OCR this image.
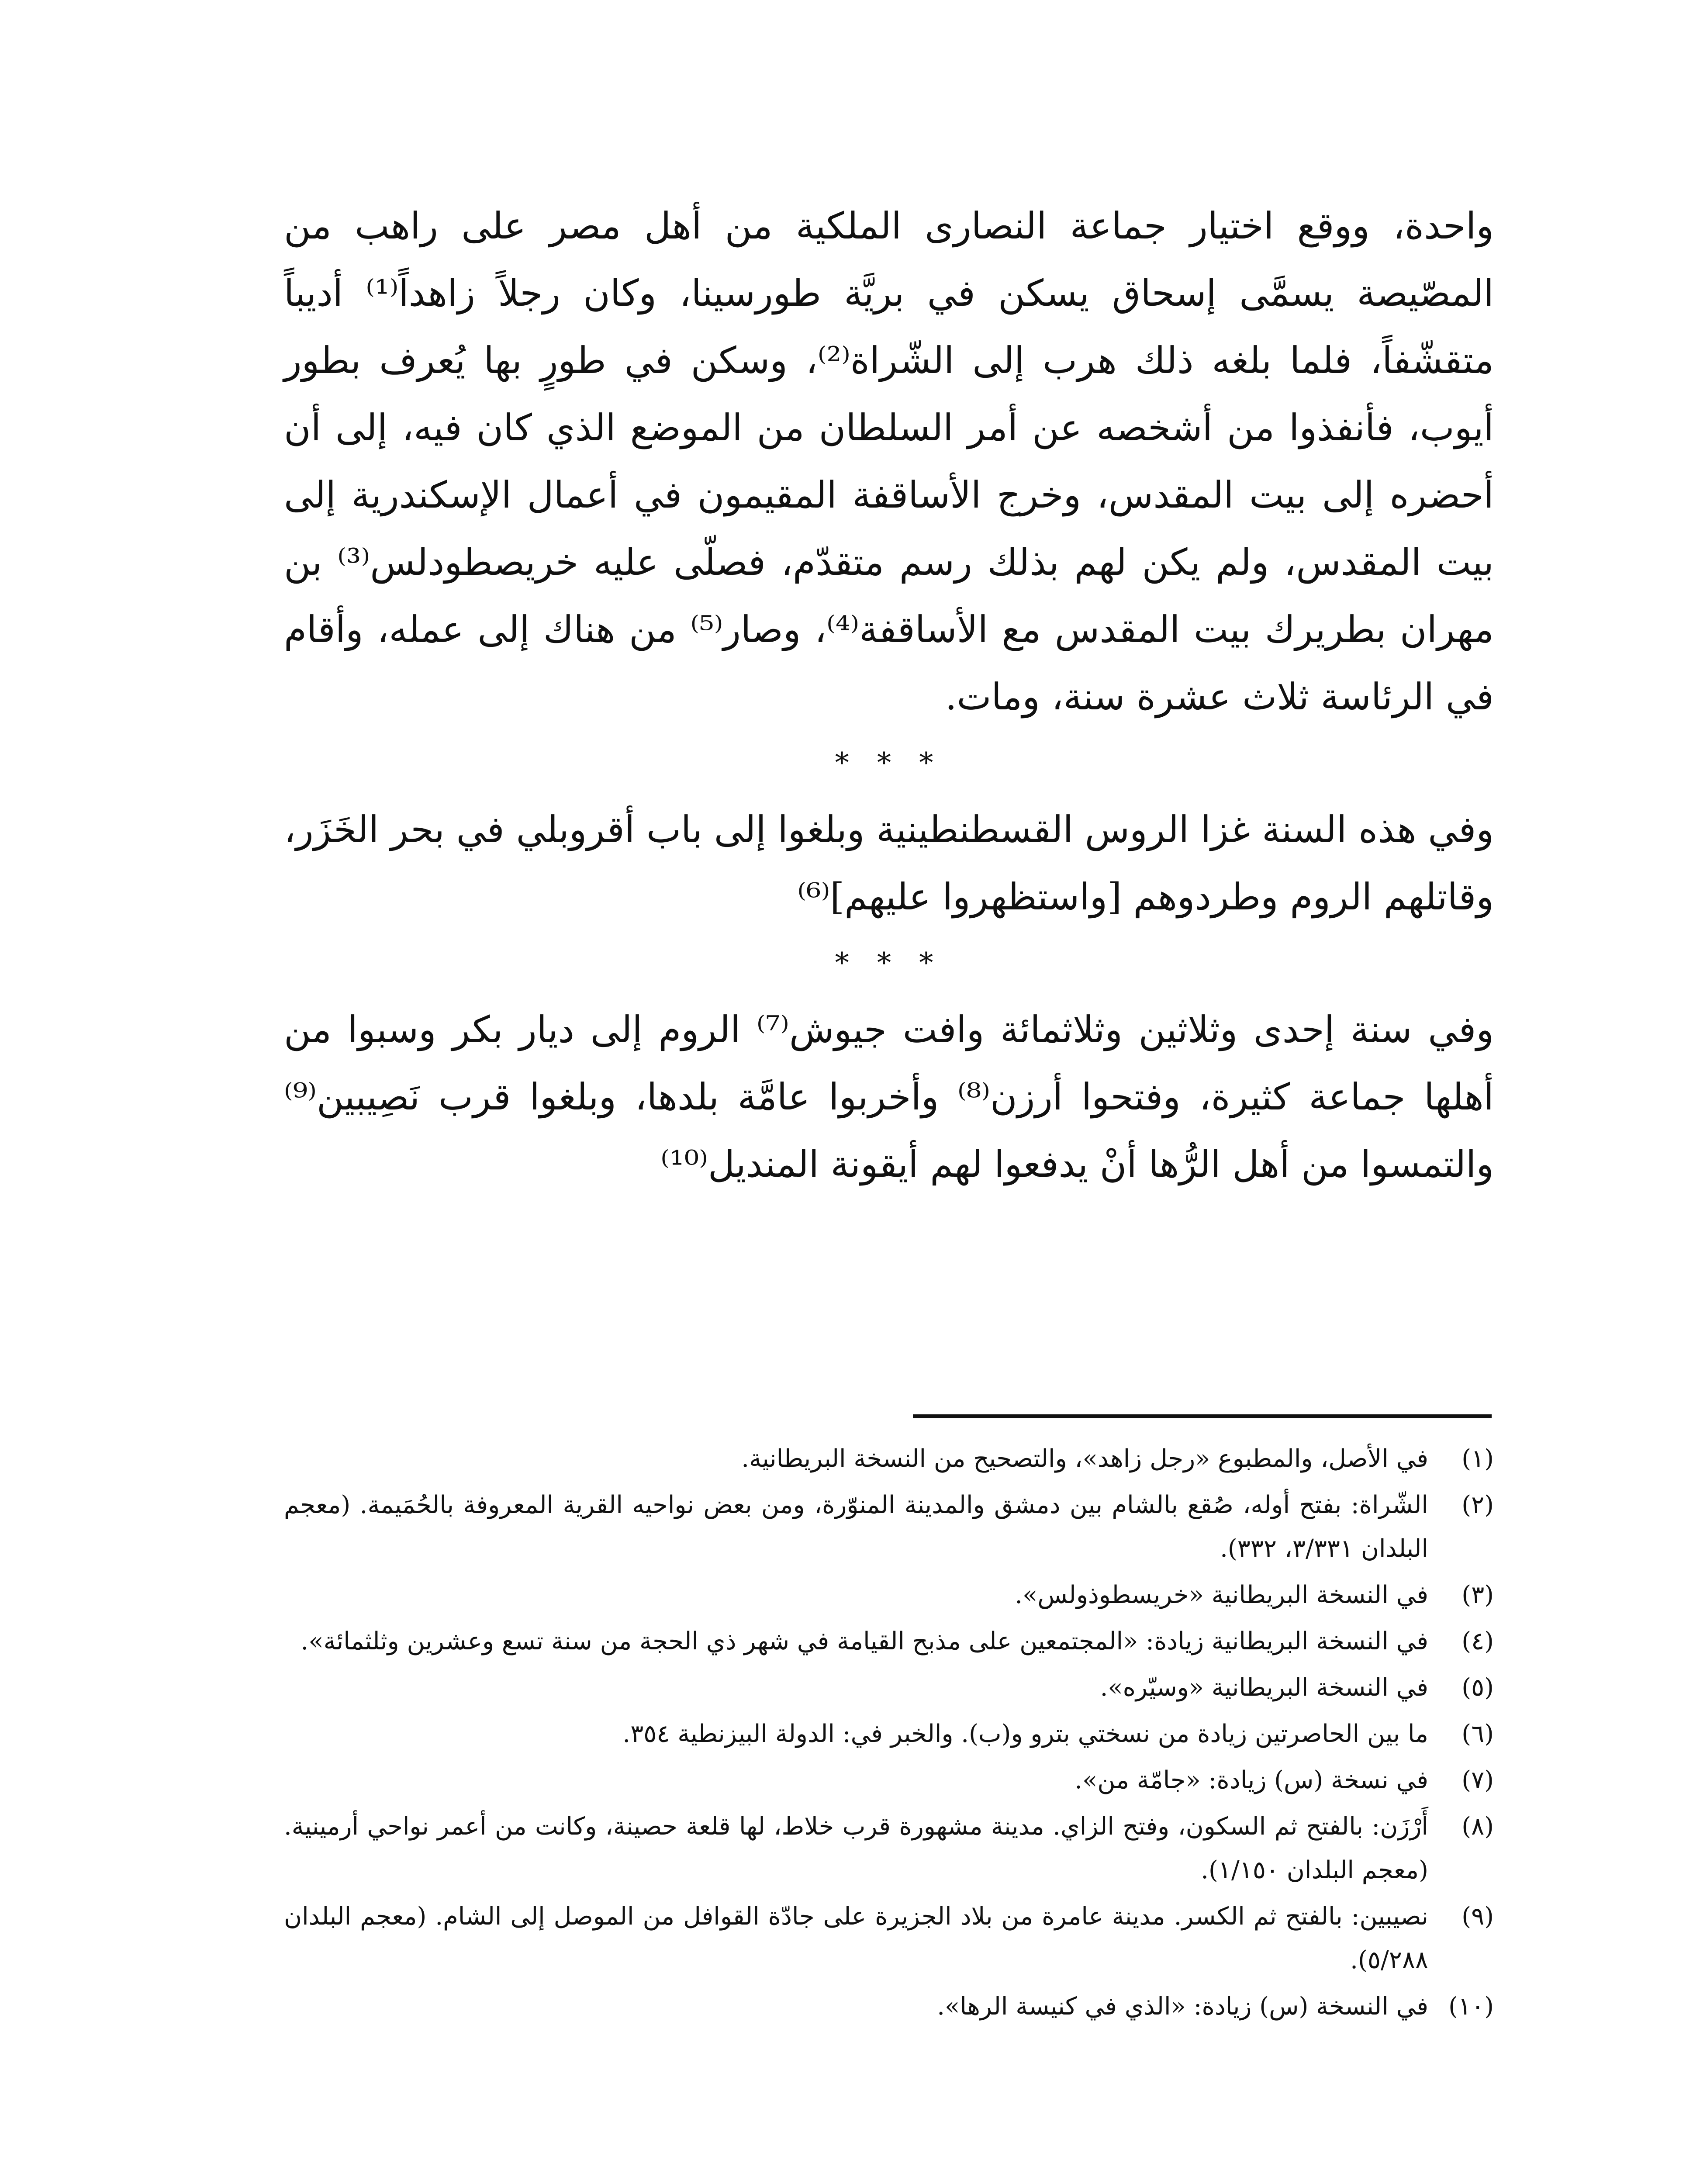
واحدة، ووقع اختيار جماعة النصارى الملكية من أهل مصر على راهب من المصّيصة يسمَّى إسحاق يسكن في بريَّة طورسينا، وكان رجلاً زاهداً⁽¹⁾ أديباً متقشّفاً، فلما بلغه ذلك هرب إلى الشّراة⁽²⁾، وسكن في طورٍ بها يُعرف بطور أيوب، فأنفذوا من أشخصه عن أمر السلطان من الموضع الذي كان فيه، إلى أن أحضره إلى بيت المقدس، وخرج الأساقفة المقيمون في أعمال الإسكندرية إلى بيت المقدس، ولم يكن لهم بذلك رسم متقدّم، فصلّى عليه خريصطودلس⁽³⁾ بن مهران بطريرك بيت المقدس مع الأساقفة⁽⁴⁾، وصار⁽⁵⁾ من هناك إلى عمله، وأقام في الرئاسة ثلاث عشرة سنة، ومات.

* * *

وفي هذه السنة غزا الروس القسطنطينية وبلغوا إلى باب أقروبلي في بحر الخَزَر، وقاتلهم الروم وطردوهم [واستظهروا عليهم]⁽⁶⁾

* * *

وفي سنة إحدى وثلاثين وثلاثمائة وافت جيوش⁽⁷⁾ الروم إلى ديار بكر وسبوا من أهلها جماعة كثيرة، وفتحوا أرزن⁽⁸⁾ وأخربوا عامَّة بلدها، وبلغوا قرب نَصِيبين⁽⁹⁾ والتمسوا من أهل الرُّها أنْ يدفعوا لهم أيقونة المنديل⁽¹⁰⁾

(١)
في الأصل، والمطبوع «رجل زاهد»، والتصحيح من النسخة البريطانية.
(٢)
الشّراة: بفتح أوله، صُقع بالشام بين دمشق والمدينة المنوّرة، ومن بعض نواحيه القرية المعروفة بالحُمَيمة. (معجم البلدان ٣/٣٣١، ٣٣٢).
(٣)
في النسخة البريطانية «خريسطوذولس».
(٤)
في النسخة البريطانية زيادة: «المجتمعين على مذبح القيامة في شهر ذي الحجة من سنة تسع وعشرين وثلثمائة».
(٥)
في النسخة البريطانية «وسيّره».
(٦)
ما بين الحاصرتين زيادة من نسختي بترو و(ب). والخبر في: الدولة البيزنطية ٣٥٤.
(٧)
في نسخة (س) زيادة: «جامّة من».
(٨)
أَرْزَن: بالفتح ثم السكون، وفتح الزاي. مدينة مشهورة قرب خلاط، لها قلعة حصينة، وكانت من أعمر نواحي أرمينية. (معجم البلدان ١/١٥٠).
(٩)
نصيبين: بالفتح ثم الكسر. مدينة عامرة من بلاد الجزيرة على جادّة القوافل من الموصل إلى الشام. (معجم البلدان ٥/٢٨٨).
(١٠)
في النسخة (س) زيادة: «الذي في كنيسة الرها».
